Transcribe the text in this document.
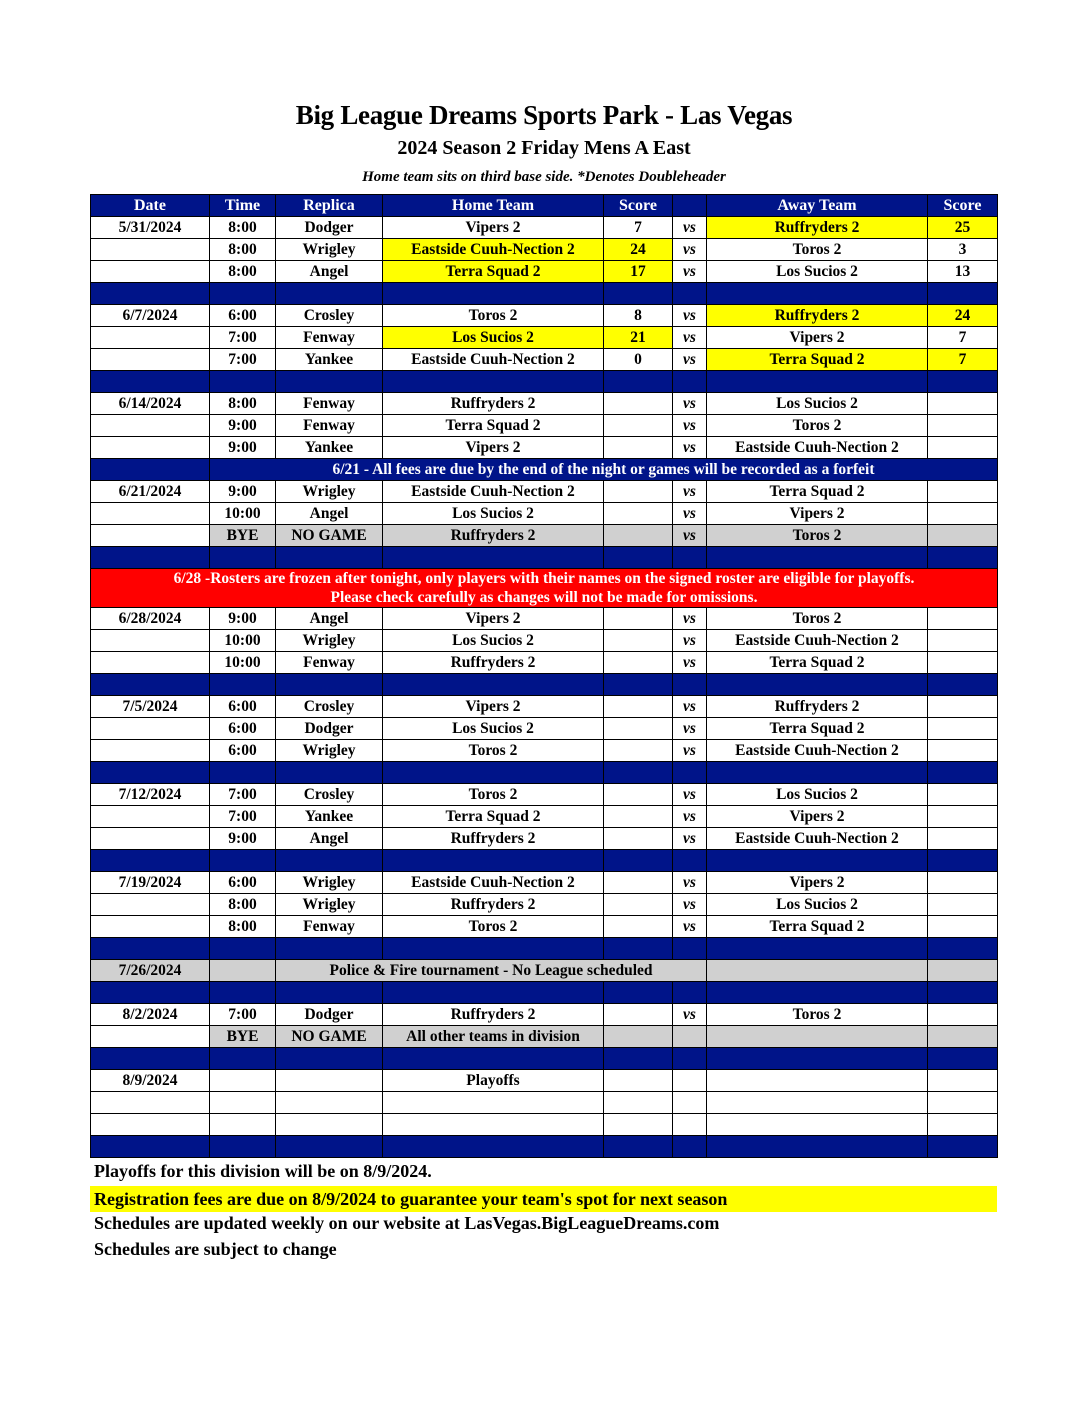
Big League Dreams Sports Park - Las Vegas
2024 Season 2 Friday Mens A East
Home team sits on third base side. *Denotes Doubleheader
Date	Time	Replica	Home Team	Score		Away Team	Score
5/31/2024	8:00	Dodger	Vipers 2	7	vs	Ruffryders 2	25
	8:00	Wrigley	Eastside Cuuh-Nection 2	24	vs	Toros 2	3
	8:00	Angel	Terra Squad 2	17	vs	Los Sucios 2	13

6/7/2024	6:00	Crosley	Toros 2	8	vs	Ruffryders 2	24
	7:00	Fenway	Los Sucios 2	21	vs	Vipers 2	7
	7:00	Yankee	Eastside Cuuh-Nection 2	0	vs	Terra Squad 2	7

6/14/2024	8:00	Fenway	Ruffryders 2		vs	Los Sucios 2	
	9:00	Fenway	Terra Squad 2		vs	Toros 2	
	9:00	Yankee	Vipers 2		vs	Eastside Cuuh-Nection 2	
	6/21 - All fees are due by the end of the night or games will be recorded as a forfeit						
6/21/2024	9:00	Wrigley	Eastside Cuuh-Nection 2		vs	Terra Squad 2	
	10:00	Angel	Los Sucios 2		vs	Vipers 2	
	BYE	NO GAME	Ruffryders 2		vs	Toros 2	

6/28 -Rosters are frozen after tonight, only players with their names on the signed roster are eligible for playoffs.
Please check carefully as changes will not be made for omissions.							

6/28/2024	9:00	Angel	Vipers 2		vs	Toros 2	
	10:00	Wrigley	Los Sucios 2		vs	Eastside Cuuh-Nection 2	
	10:00	Fenway	Ruffryders 2		vs	Terra Squad 2	

7/5/2024	6:00	Crosley	Vipers 2		vs	Ruffryders 2	
	6:00	Dodger	Los Sucios 2		vs	Terra Squad 2	
	6:00	Wrigley	Toros 2		vs	Eastside Cuuh-Nection 2	

7/12/2024	7:00	Crosley	Toros 2		vs	Los Sucios 2	
	7:00	Yankee	Terra Squad 2		vs	Vipers 2	
	9:00	Angel	Ruffryders 2		vs	Eastside Cuuh-Nection 2	

7/19/2024	6:00	Wrigley	Eastside Cuuh-Nection 2		vs	Vipers 2	
	8:00	Wrigley	Ruffryders 2		vs	Los Sucios 2	
	8:00	Fenway	Toros 2		vs	Terra Squad 2	

7/26/2024		Police & Fire tournament - No League scheduled					

8/2/2024	7:00	Dodger	Ruffryders 2		vs	Toros 2	
	BYE	NO GAME	All other teams in division				

8/9/2024			Playoffs				

Playoffs for this division will be on 8/9/2024.
Registration fees are due on 8/9/2024 to guarantee your team's spot for next season
Schedules are updated weekly on our website at LasVegas.BigLeagueDreams.com
Schedules are subject to change
